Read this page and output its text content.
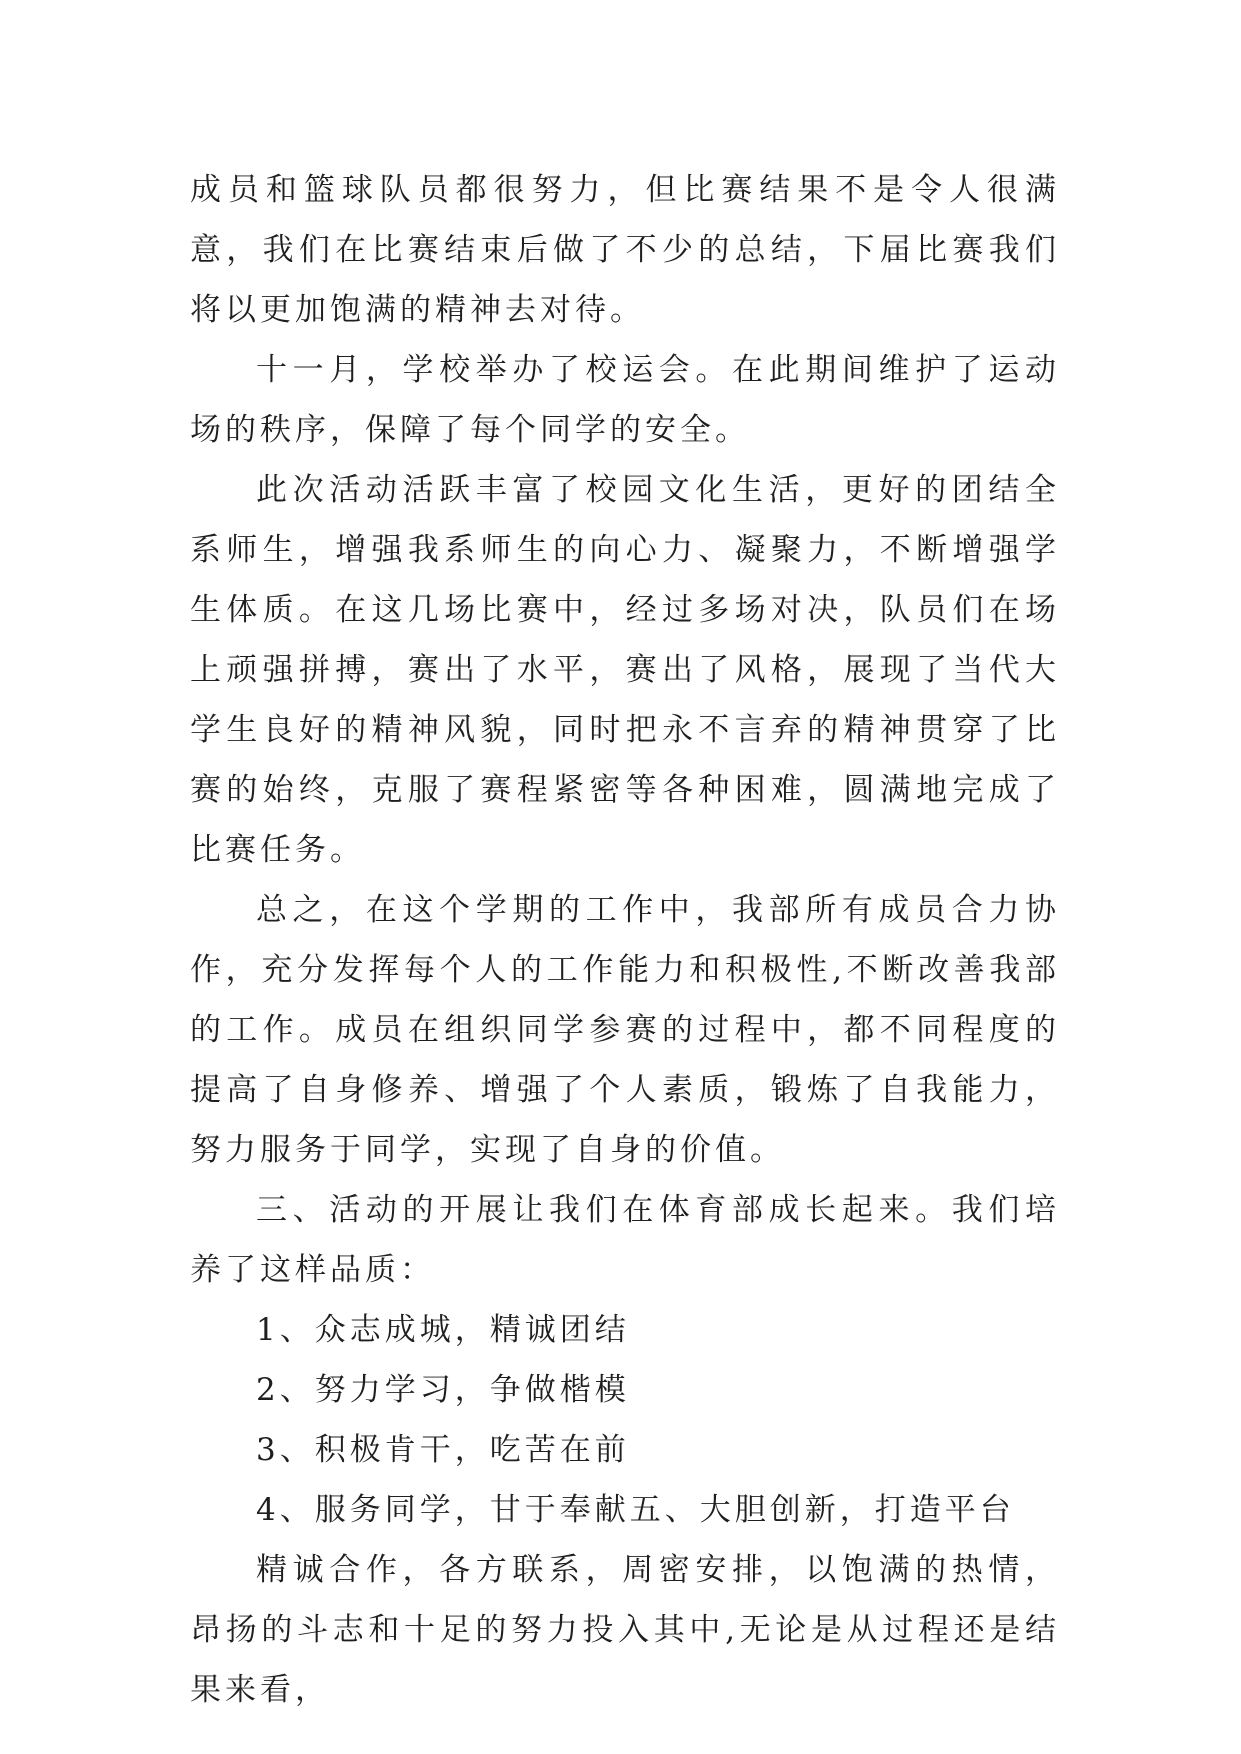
成员和篮球队员都很努力，但比赛结果不是令人很满意，我们在比赛结束后做了不少的总结，下届比赛我们将以更加饱满的精神去对待。

十一月，学校举办了校运会。在此期间维护了运动场的秩序，保障了每个同学的安全。

此次活动活跃丰富了校园文化生活，更好的团结全系师生，增强我系师生的向心力、凝聚力，不断增强学生体质。在这几场比赛中，经过多场对决，队员们在场上顽强拼搏，赛出了水平，赛出了风格，展现了当代大学生良好的精神风貌，同时把永不言弃的精神贯穿了比赛的始终，克服了赛程紧密等各种困难，圆满地完成了比赛任务。

总之，在这个学期的工作中，我部所有成员合力协作，充分发挥每个人的工作能力和积极性,不断改善我部的工作。成员在组织同学参赛的过程中，都不同程度的提高了自身修养、增强了个人素质，锻炼了自我能力，努力服务于同学，实现了自身的价值。

三、活动的开展让我们在体育部成长起来。我们培养了这样品质：

1、众志成城，精诚团结

2、努力学习，争做楷模

3、积极肯干，吃苦在前

4、服务同学，甘于奉献五、大胆创新，打造平台

精诚合作，各方联系，周密安排，以饱满的热情，昂扬的斗志和十足的努力投入其中,无论是从过程还是结果来看，
